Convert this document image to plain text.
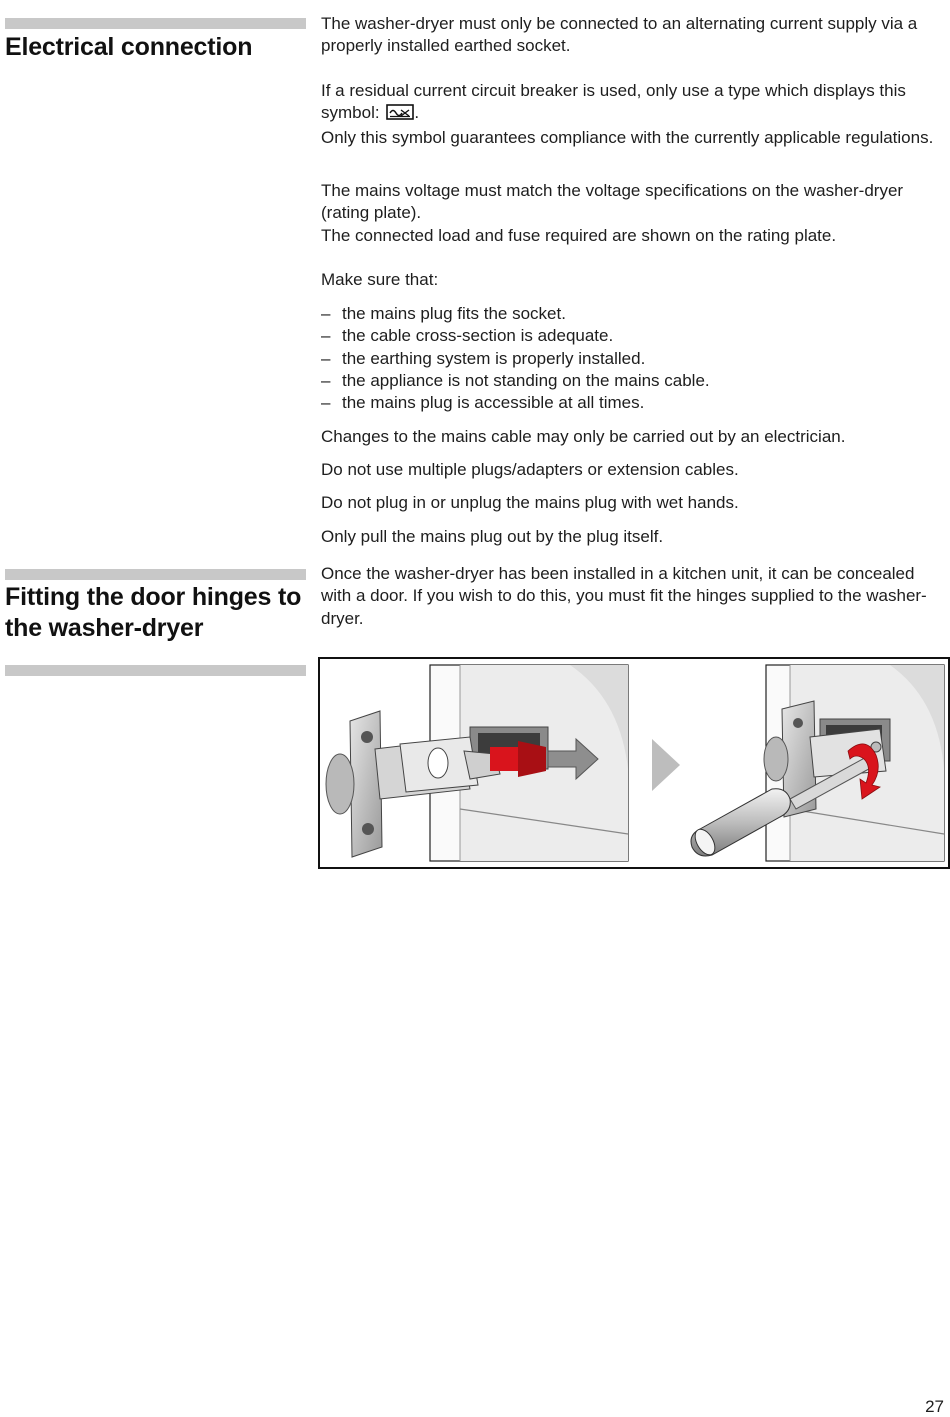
Electrical connection

The washer-dryer must only be connected to an alternating current supply via a properly installed earthed socket.

If a residual current circuit breaker is used, only use a type which displays this symbol: .
Only this symbol guarantees compliance with the currently applicable regulations.

The mains voltage must match the voltage specifications on the washer-dryer (rating plate).
The connected load and fuse required are shown on the rating plate.

Make sure that:

– the mains plug fits the socket.
– the cable cross-section is adequate.
– the earthing system is properly installed.
– the appliance is not standing on the mains cable.
– the mains plug is accessible at all times.

Changes to the mains cable may only be carried out by an electrician.

Do not use multiple plugs/adapters or extension cables.

Do not plug in or unplug the mains plug with wet hands.

Only pull the mains plug out by the plug itself.

Fitting the door hinges to the washer-dryer

Once the washer-dryer has been installed in a kitchen unit, it can be concealed with a door. If you wish to do this, you must fit the hinges supplied to the washer-dryer.

27
